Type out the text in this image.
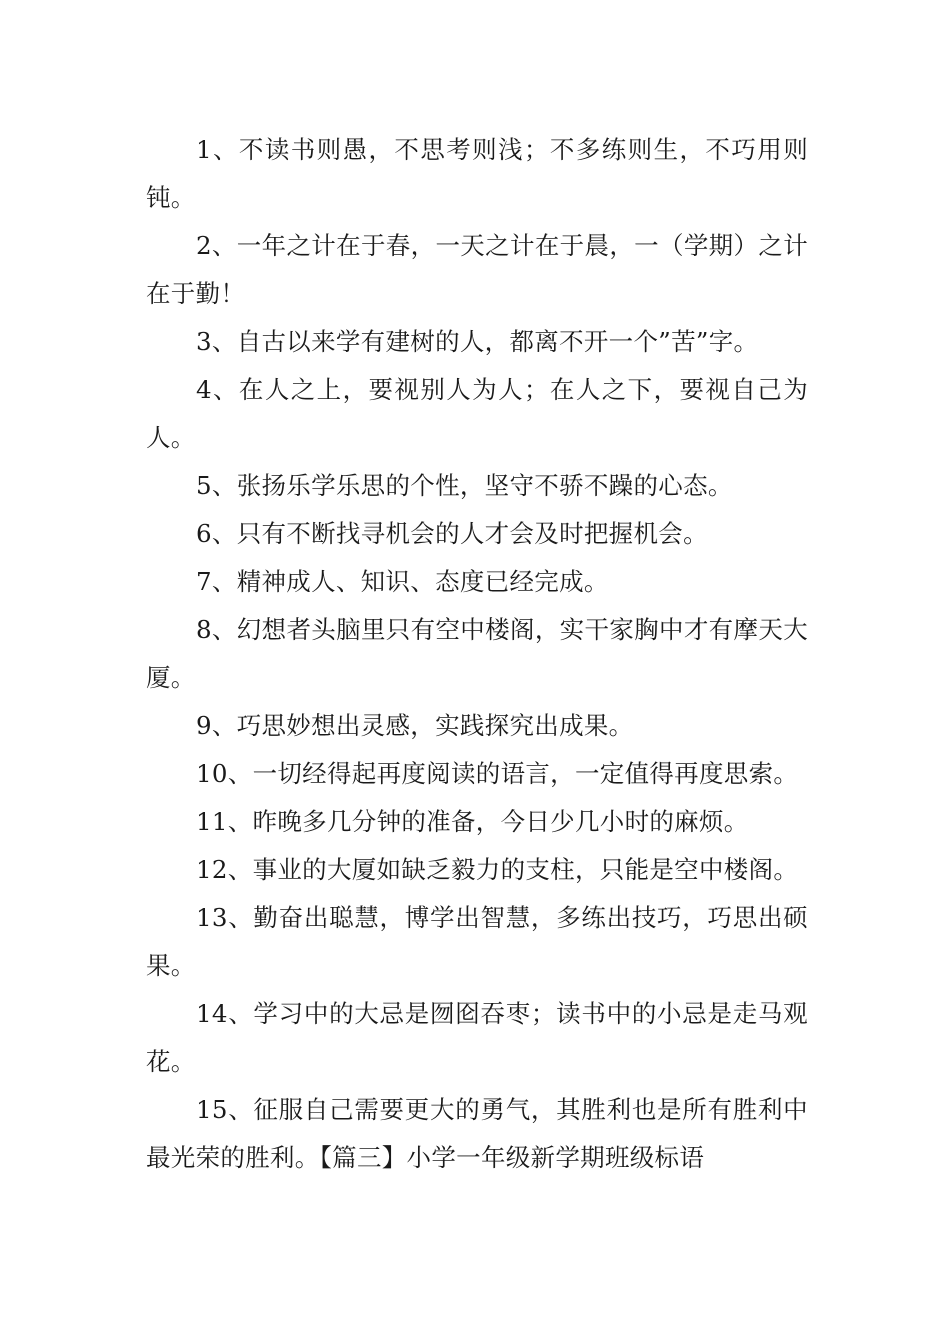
1、不读书则愚，不思考则浅；不多练则生，不巧用则钝。

2、一年之计在于春，一天之计在于晨，一（学期）之计在于勤！

3、自古以来学有建树的人，都离不开一个”苦”字。

4、在人之上，要视别人为人；在人之下，要视自己为人。

5、张扬乐学乐思的个性，坚守不骄不躁的心态。

6、只有不断找寻机会的人才会及时把握机会。

7、精神成人、知识、态度已经完成。

8、幻想者头脑里只有空中楼阁，实干家胸中才有摩天大厦。

9、巧思妙想出灵感，实践探究出成果。

10、一切经得起再度阅读的语言，一定值得再度思索。

11、昨晚多几分钟的准备，今日少几小时的麻烦。

12、事业的大厦如缺乏毅力的支柱，只能是空中楼阁。

13、勤奋出聪慧，博学出智慧，多练出技巧，巧思出硕果。

14、学习中的大忌是囫囵吞枣；读书中的小忌是走马观花。

15、征服自己需要更大的勇气，其胜利也是所有胜利中最光荣的胜利。【篇三】小学一年级新学期班级标语
